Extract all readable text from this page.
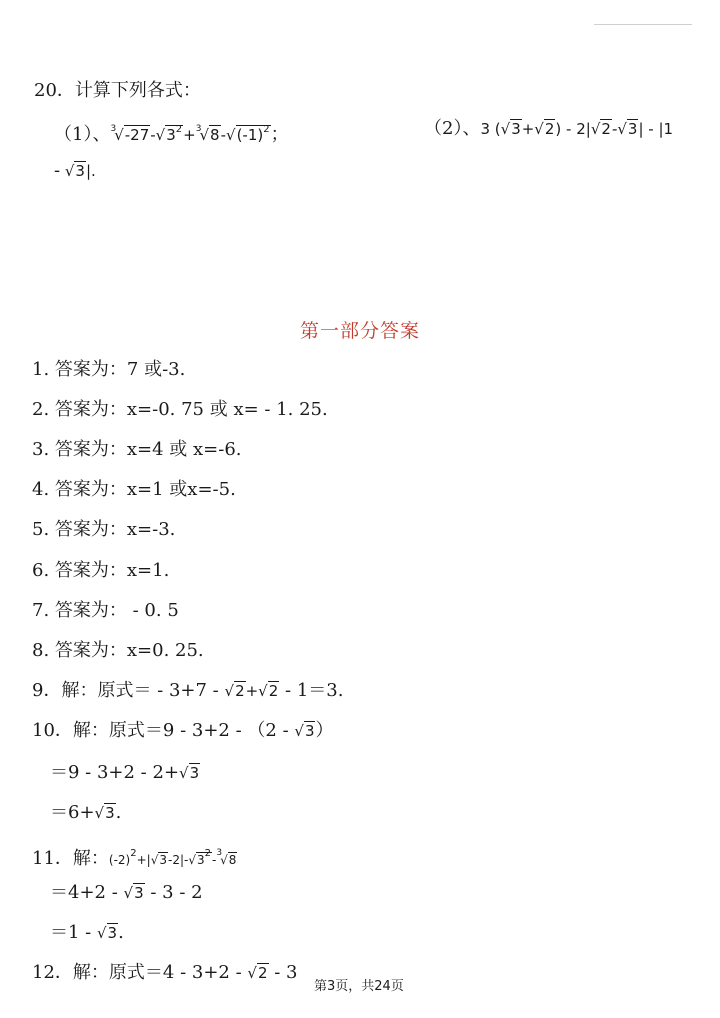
20．计算下列各式：
（1）、$^3√-27-√3^2+^3√8-√(-1)^2$；	（2）、3 (√3+√2) - 2|√2-√3| - |1
- √3|.
第一部分答案
1. 答案为：7 或-3.
2. 答案为：x=-0. 75 或 x= - 1. 25.
3. 答案为：x=4 或 x=-6.
4. 答案为：x=1 或x=-5.
5. 答案为：x=-3.
6. 答案为：x=1.
7. 答案为： - 0. 5
8. 答案为：x=0. 25.
9．解：原式＝ - 3+7 - √2+√2 - 1＝3.
10．解：原式＝9 - 3+2 - （2 - √3）
＝9 - 3+2 - 2+√3
＝6+√3.
11．解：$(-2)^2+|√3-2|-√3^2-^3√8$
＝4+2 - √3 - 3 - 2
＝1 - √3.
12．解：原式＝4 - 3+2 - √2 - 3
第3页，共24页
